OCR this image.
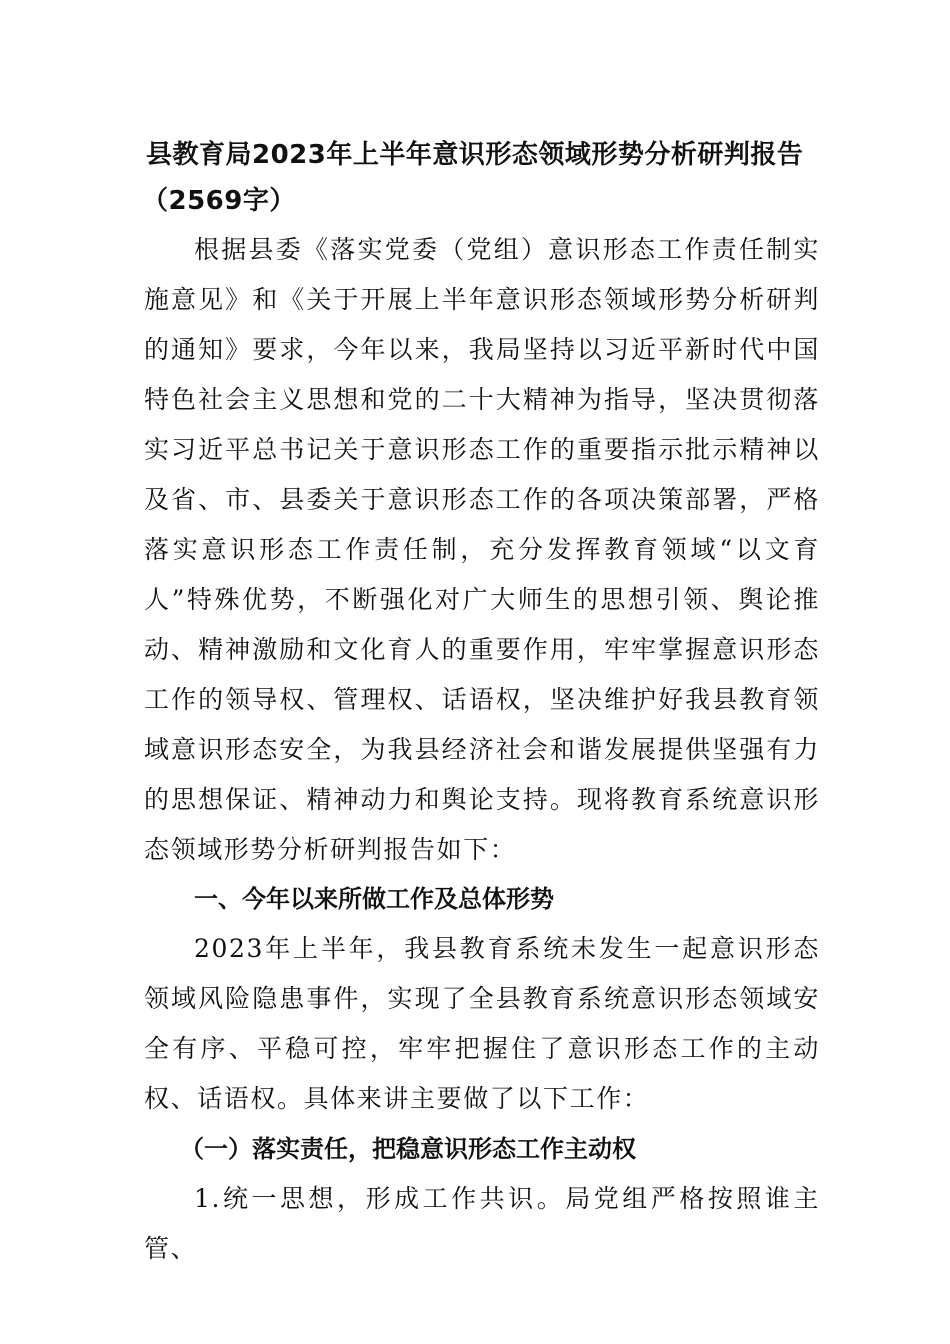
县教育局2023年上半年意识形态领域形势分析研判报告
（2569字）

根据县委《落实党委（党组）意识形态工作责任制实施意见》和《关于开展上半年意识形态领域形势分析研判的通知》要求，今年以来，我局坚持以习近平新时代中国特色社会主义思想和党的二十大精神为指导，坚决贯彻落实习近平总书记关于意识形态工作的重要指示批示精神以及省、市、县委关于意识形态工作的各项决策部署，严格落实意识形态工作责任制，充分发挥教育领域“以文育人”特殊优势，不断强化对广大师生的思想引领、舆论推动、精神激励和文化育人的重要作用，牢牢掌握意识形态工作的领导权、管理权、话语权，坚决维护好我县教育领域意识形态安全，为我县经济社会和谐发展提供坚强有力的思想保证、精神动力和舆论支持。现将教育系统意识形态领域形势分析研判报告如下：

一、今年以来所做工作及总体形势

2023年上半年，我县教育系统未发生一起意识形态领域风险隐患事件，实现了全县教育系统意识形态领域安全有序、平稳可控，牢牢把握住了意识形态工作的主动权、话语权。具体来讲主要做了以下工作：

（一）落实责任，把稳意识形态工作主动权

1.统一思想，形成工作共识。局党组严格按照谁主管、
